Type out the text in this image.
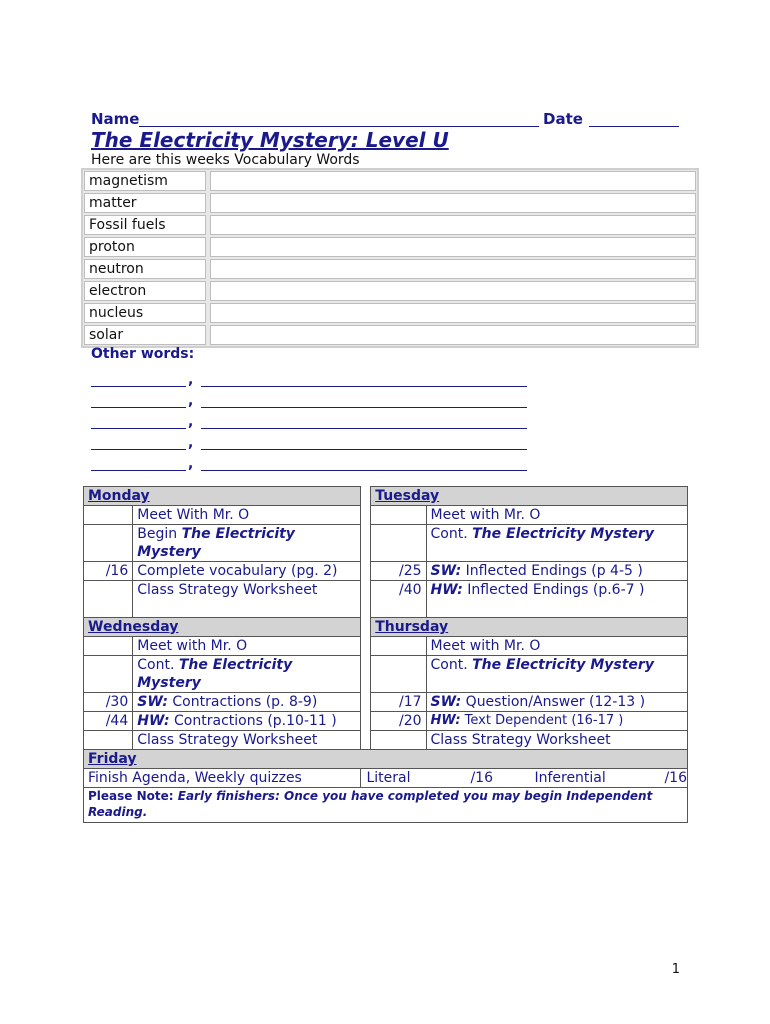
Name	Date
The Electricity Mystery: Level U
Here are this weeks Vocabulary Words
magnetism
matter
Fossil fuels
proton
neutron
electron
nucleus
solar
Other words:
,
,
,
,
,
Monday			Tuesday	
	Meet With Mr. O			Meet with Mr. O
	Begin The Electricity Mystery			Cont. The Electricity Mystery
/16	Complete vocabulary (pg. 2)		/25	SW: Inflected Endings (p 4-5 )
	Class Strategy Worksheet		/40	HW: Inflected Endings (p.6-7 )
Wednesday			Thursday	
	Meet with Mr. O			Meet with Mr. O
	Cont. The Electricity Mystery			Cont. The Electricity Mystery
/30	SW: Contractions (p. 8-9)		/17	SW: Question/Answer (12-13 )
/44	HW: Contractions (p.10-11 )		/20	HW: Text Dependent (16-17 )
	Class Strategy Worksheet			Class Strategy Worksheet
Friday				
Finish Agenda, Weekly quizzes		Literal /16 Inferential /16		

Please Note: Early finishers: Once you have completed you may begin Independent Reading.				
1
